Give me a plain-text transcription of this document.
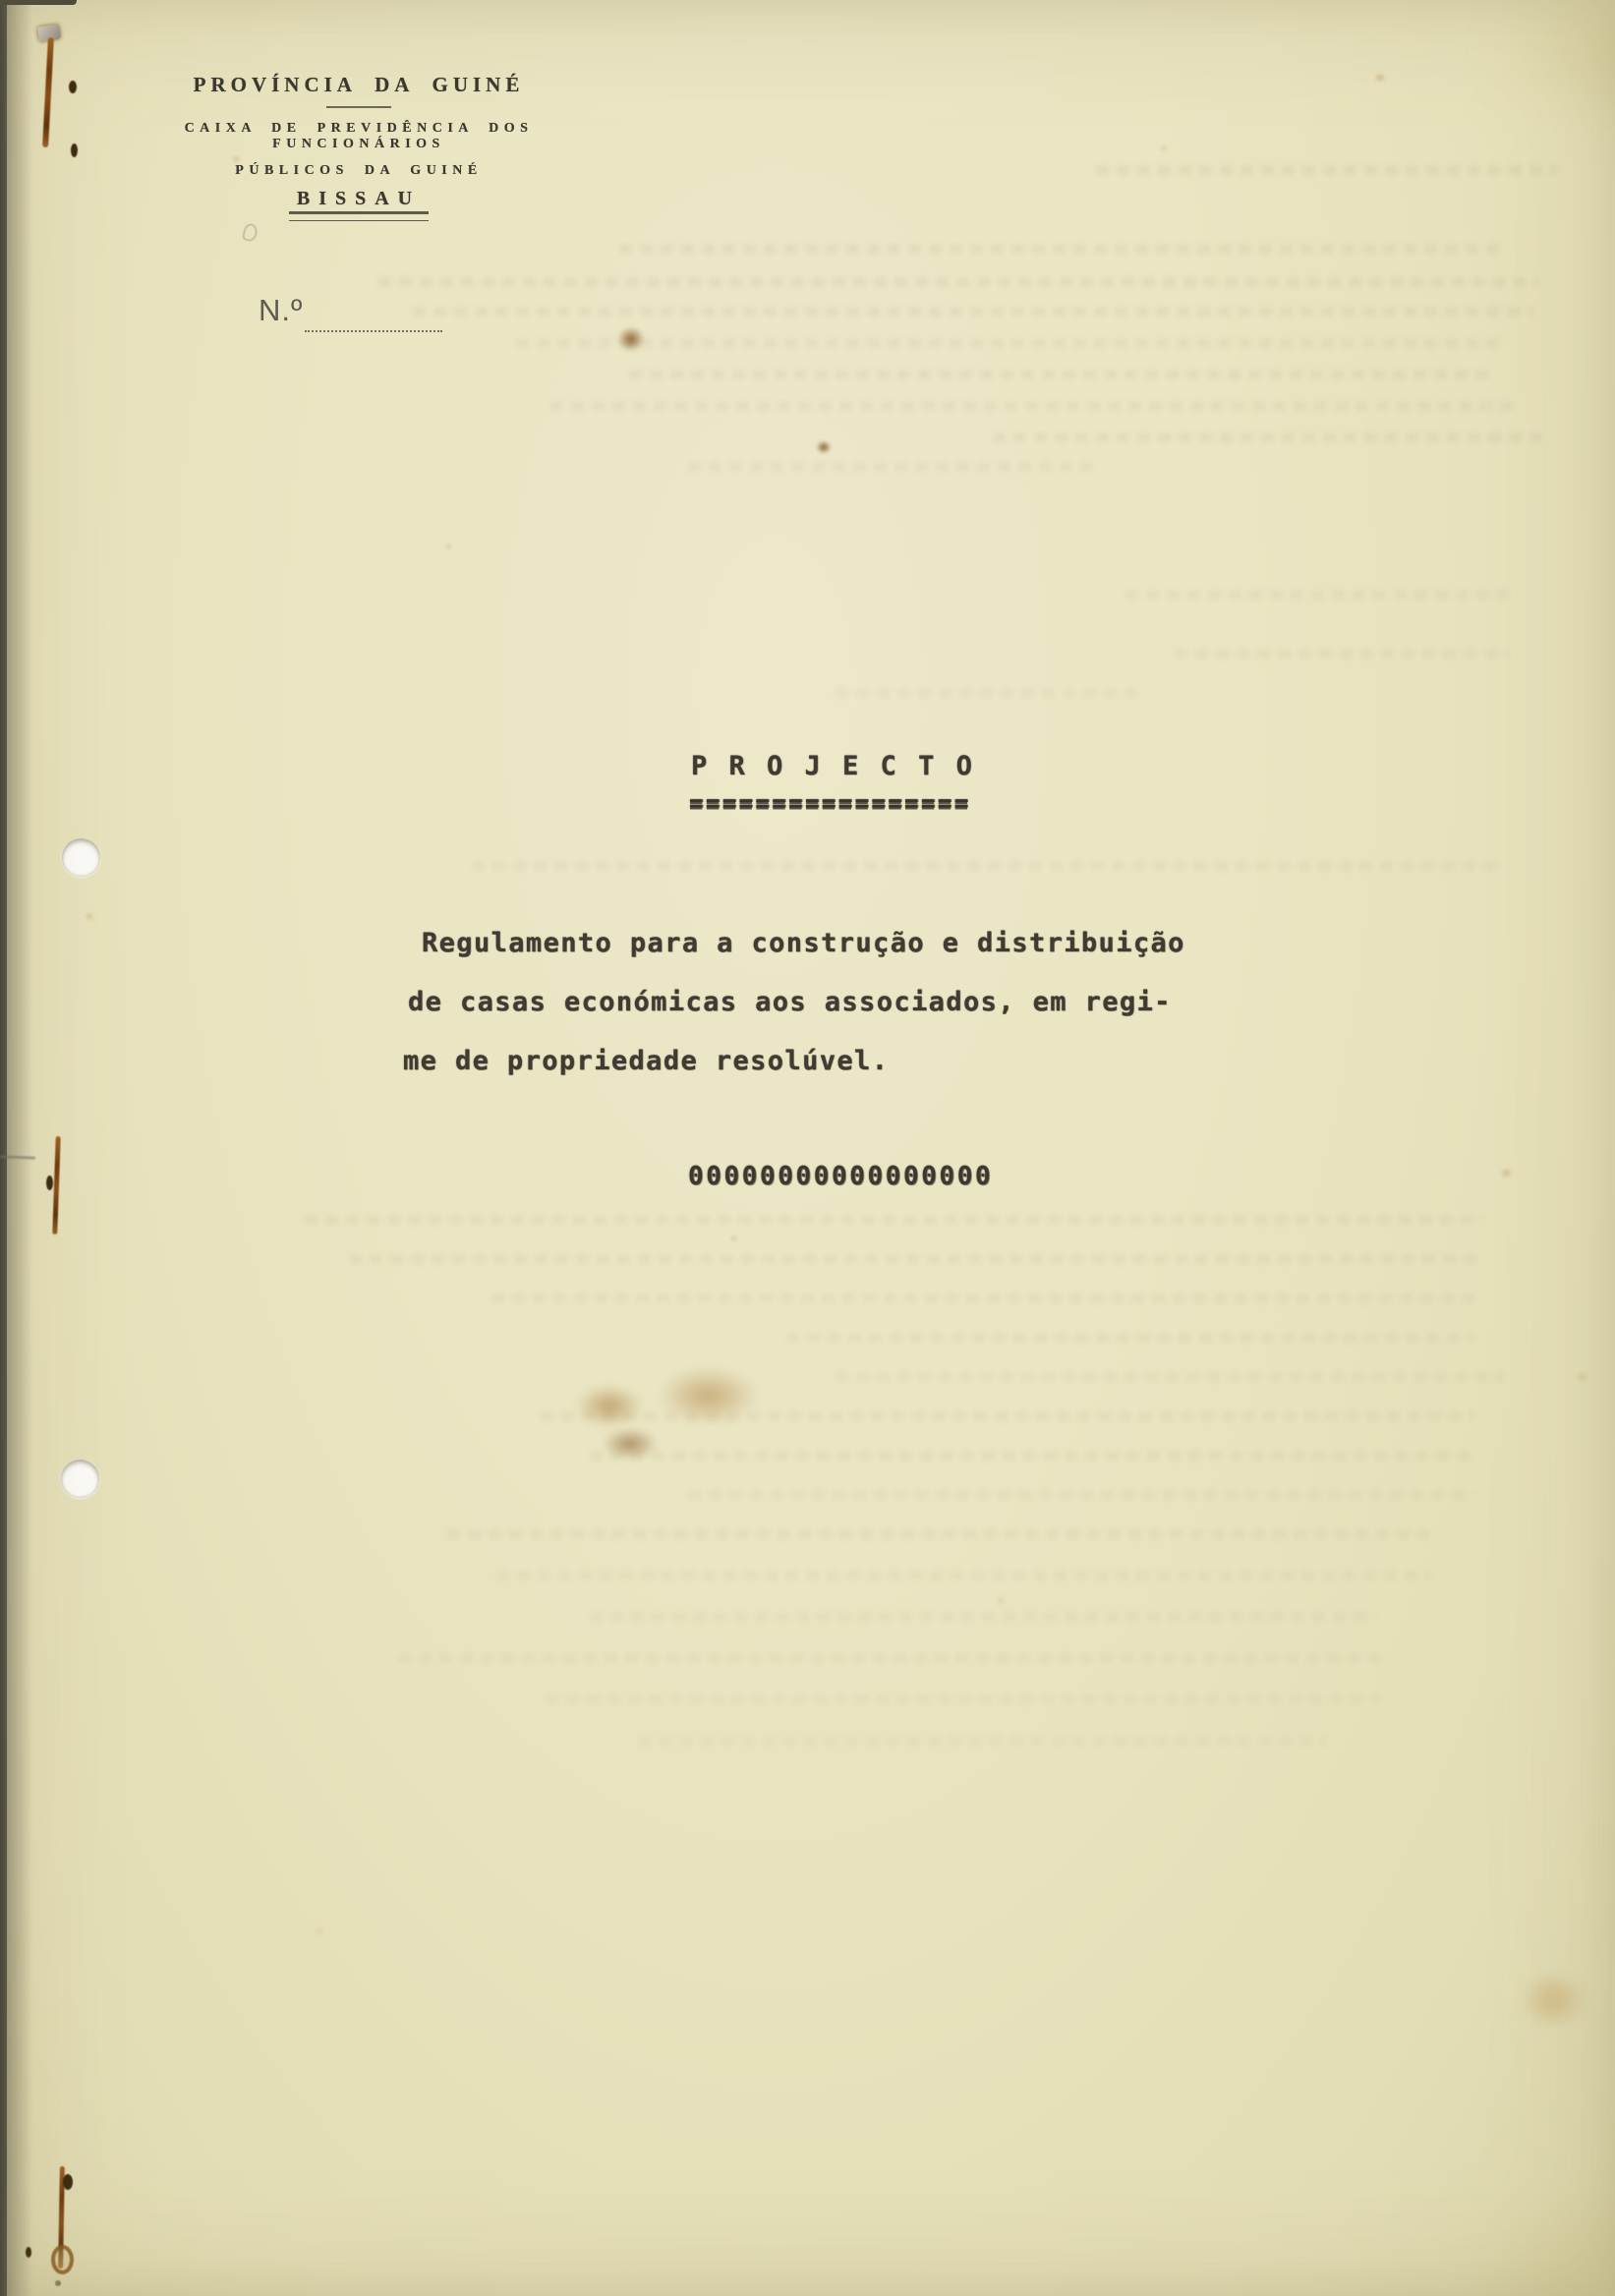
PROVÍNCIA DA GUINÉ
CAIXA DE PREVIDÊNCIA DOS FUNCIONÁRIOS
PÚBLICOS DA GUINÉ
BISSAU
N.º
P R O J E C T O
=================
Regulamento para a construção e distribuição
de casas económicas aos associados, em regi-
me de propriedade resolúvel.
00000000000000000
